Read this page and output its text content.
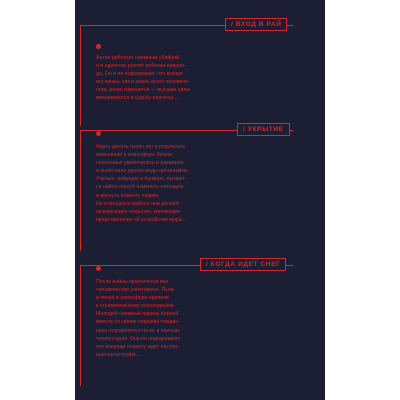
/ ВХОД В РАЙ
Антон работает наемным убийцей
и в одиночку растит ребенка-инвали-
да. Он и не подозревает, что вскоре
его жизнь, как и жизнь всего человече-
ства, резко изменится — высшие силы
вмешиваются в судьбу планеты...
/ УКРЫТИЕ
Через десять тысяч лет в результате
изменений в атмосфере Земли
насекомые увеличились в размерах
и вытеснили другие виды организмов.
Ученые, живущие в бункере, пытают-
ся найти способ изменить ситуацию
и вернуть планету людям.
Но в процессе работы они делают
шокирующее открытие, меняющее
представление об устройстве мира...
/ КОГДА ИДЕТ СНЕГ
После войны практически все
человечество уничтожено. Пыль
и пепел в атмосфере привели
к стремительному похолоданию.
Молодой наемный парень Корней
вместе со своим старшим товари-
щем отправляется на юг в поисках
теплого края. Они не подозревают,
что впереди планету ждет настоя-
щая катастрофа...
